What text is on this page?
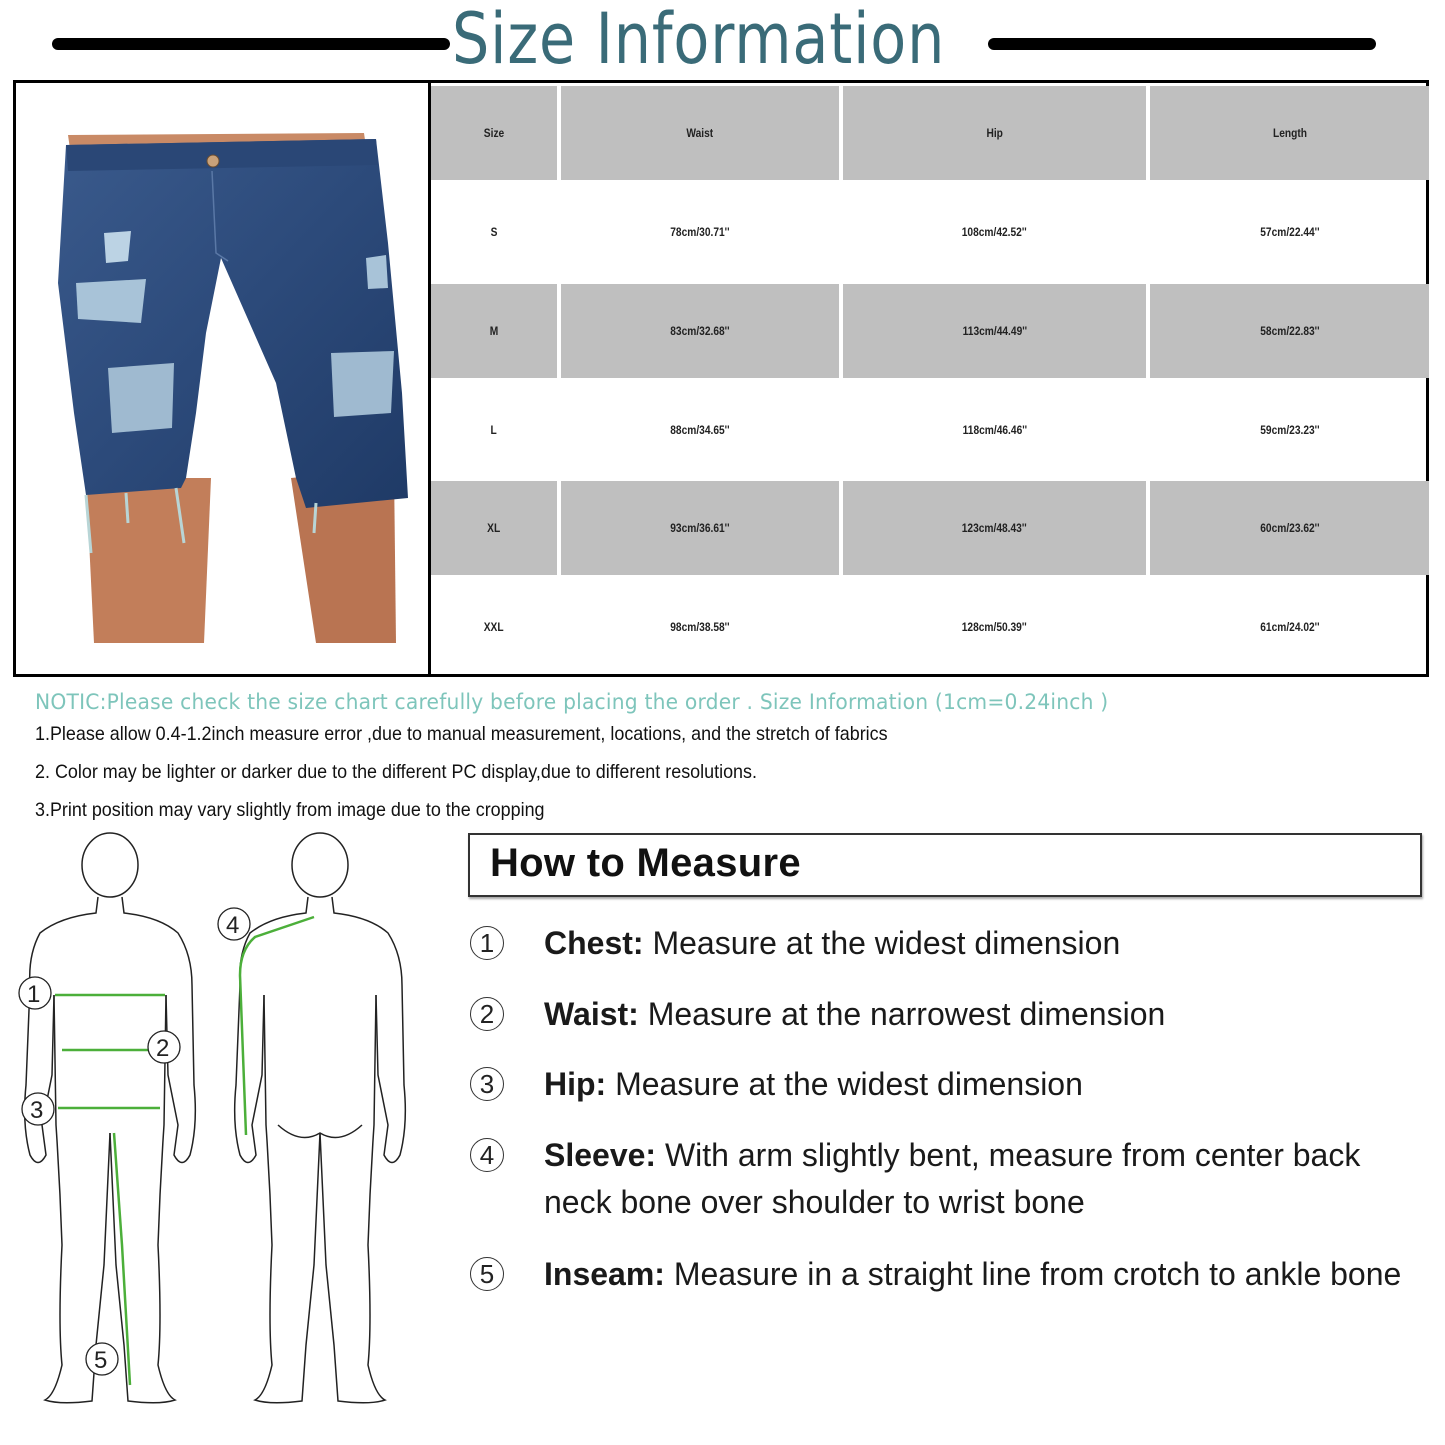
Size Information
Size	Waist	Hip	Length
S	78cm/30.71''	108cm/42.52''	57cm/22.44''
M	83cm/32.68''	113cm/44.49''	58cm/22.83''
L	88cm/34.65''	118cm/46.46''	59cm/23.23''
XL	93cm/36.61''	123cm/48.43''	60cm/23.62''
XXL	98cm/38.58''	128cm/50.39''	61cm/24.02''
NOTIC:Please check the size chart carefully before placing the order . Size Information (1cm=0.24inch )
1.Please allow 0.4-1.2inch measure error ,due to manual measurement, locations, and the stretch of fabrics
2. Color may be lighter or darker due to the different PC display,due to different resolutions.
3.Print position may vary slightly from image due to the cropping
1
2
3
4
5
How to Measure
1	Chest: Measure at the widest dimension
2	Waist: Measure at the narrowest dimension
3	Hip: Measure at the widest dimension
4	Sleeve: With arm slightly bent, measure from center back neck bone over shoulder to wrist bone
5	Inseam: Measure in a straight line from crotch to ankle bone
